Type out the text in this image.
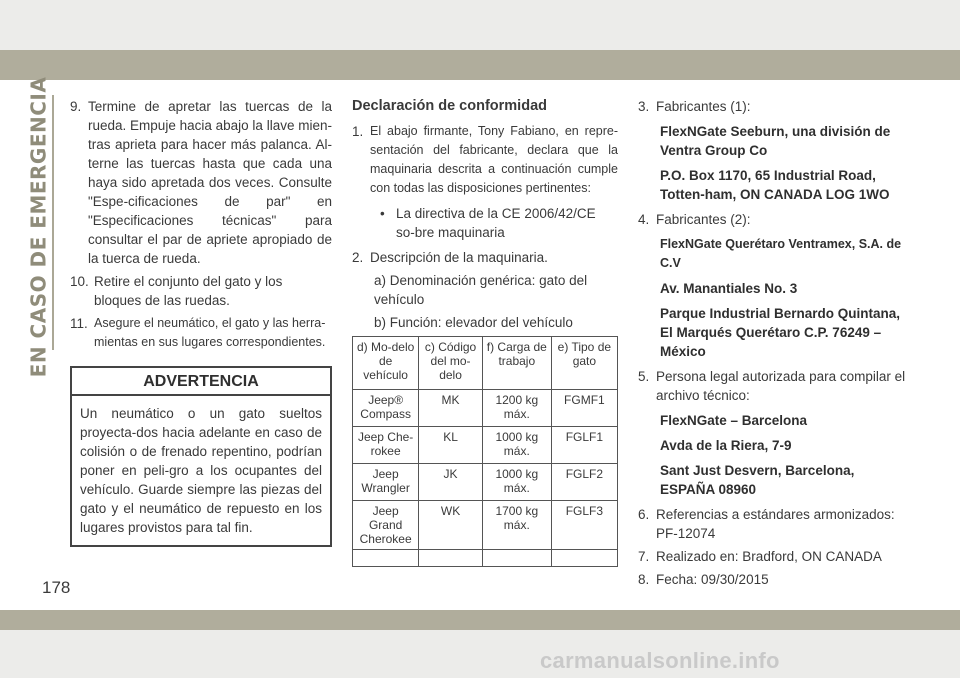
EN CASO DE EMERGENCIA 9. Termine de apretar las tuercas de la rueda. Empuje hacia abajo la llave mien-tras aprieta para hacer más palanca. Al-terne las tuercas hasta que cada una haya sido apretada dos veces. Consulte "Espe-cificaciones de par" en "Especificaciones técnicas" para consultar el par de apriete apropiado de la tuerca de rueda.
10. Retire el conjunto del gato y los bloques de las ruedas.
11. Asegure el neumático, el gato y las herra-mientas en sus lugares correspondientes.
ADVERTENCIA
Un neumático o un gato sueltos proyecta-dos hacia adelante en caso de colisión o de frenado repentino, podrían poner en peli-gro a los ocupantes del vehículo. Guarde siempre las piezas del gato y el neumático de repuesto en los lugares provistos para tal fin.
Declaración de conformidad
1. El abajo firmante, Tony Fabiano, en repre-sentación del fabricante, declara que la maquinaria descrita a continuación cumple con todas las disposiciones pertinentes:
• La directiva de la CE 2006/42/CE so-bre maquinaria
2. Descripción de la maquinaria.
a) Denominación genérica: gato del vehículo
b) Función: elevador del vehículo
d) Mo-delo de vehículo	c) Código del mo-delo	f) Carga de trabajo	e) Tipo de gato
Jeep® Compass	MK	1200 kg máx.	FGMF1
Jeep Che-rokee	KL	1000 kg máx.	FGLF1
Jeep Wrangler	JK	1000 kg máx.	FGLF2
Jeep Grand Cherokee	WK	1700 kg máx.	FGLF3

3. Fabricantes (1):
FlexNGate Seeburn, una división de Ventra Group Co
P.O. Box 1170, 65 Industrial Road, Totten-ham, ON CANADA LOG 1WO
4. Fabricantes (2):
FlexNGate Querétaro Ventramex, S.A. de C.V
Av. Manantiales No. 3
Parque Industrial Bernardo Quintana,
El Marqués Querétaro C.P. 76249 – México
5. Persona legal autorizada para compilar el archivo técnico:
FlexNGate – Barcelona
Avda de la Riera, 7-9
Sant Just Desvern, Barcelona, ESPAÑA 08960
6. Referencias a estándares armonizados: PF-12074
7. Realizado en: Bradford, ON CANADA
8. Fecha: 09/30/2015
178
carmanualsonline.info
